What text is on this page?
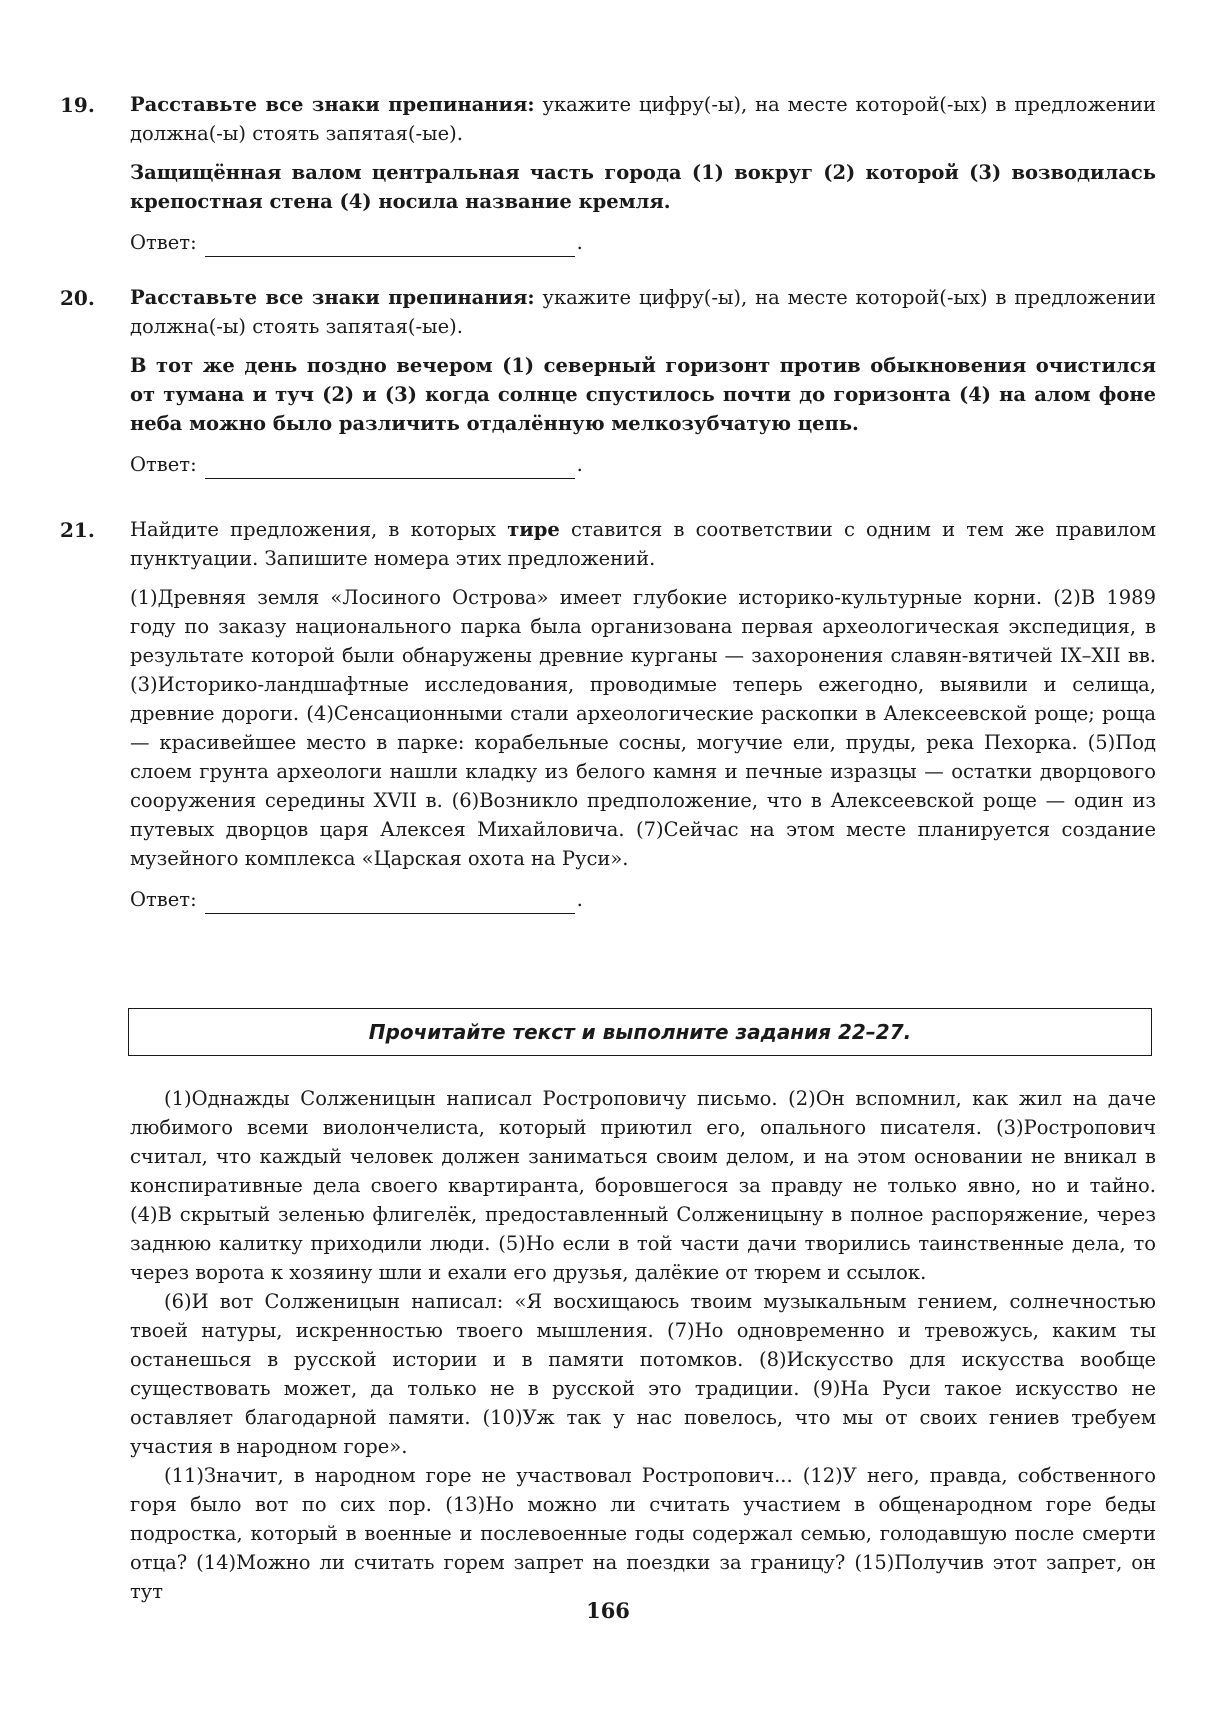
19. Расставьте все знаки препинания: укажите цифру(-ы), на месте которой(-ых) в предложении должна(-ы) стоять запятая(-ые).

Защищённая валом центральная часть города (1) вокруг (2) которой (3) возводилась крепостная стена (4) носила название кремля.

Ответ:	.
20. Расставьте все знаки препинания: укажите цифру(-ы), на месте которой(-ых) в предложении должна(-ы) стоять запятая(-ые).

В тот же день поздно вечером (1) северный горизонт против обыкновения очистился от тумана и туч (2) и (3) когда солнце спустилось почти до горизонта (4) на алом фоне неба можно было различить отдалённую мелкозубчатую цепь.

Ответ:	.
21. Найдите предложения, в которых тире ставится в соответствии с одним и тем же правилом пунктуации. Запишите номера этих предложений.

(1)Древняя земля «Лосиного Острова» имеет глубокие историко-культурные корни. (2)В 1989 году по заказу национального парка была организована первая археологическая экспедиция, в результате которой были обнаружены древние курганы — захоронения славян-вятичей IX–XII вв. (3)Историко-ландшафтные исследования, проводимые теперь ежегодно, выявили и селища, древние дороги. (4)Сенсационными стали археологические раскопки в Алексеевской роще; роща — красивейшее место в парке: корабельные сосны, могучие ели, пруды, река Пехорка. (5)Под слоем грунта археологи нашли кладку из белого камня и печные изразцы — остатки дворцового сооружения середины XVII в. (6)Возникло предположение, что в Алексеевской роще — один из путевых дворцов царя Алексея Михайловича. (7)Сейчас на этом месте планируется создание музейного комплекса «Царская охота на Руси».

Ответ:	.
Прочитайте текст и выполните задания 22–27.

(1)Однажды Солженицын написал Ростроповичу письмо. (2)Он вспомнил, как жил на даче любимого всеми виолончелиста, который приютил его, опального писателя. (3)Ростропович считал, что каждый человек должен заниматься своим делом, и на этом основании не вникал в конспиративные дела своего квартиранта, боровшегося за правду не только явно, но и тайно. (4)В скрытый зеленью флигелёк, предоставленный Солженицыну в полное распоряжение, через заднюю калитку приходили люди. (5)Но если в той части дачи творились таинственные дела, то через ворота к хозяину шли и ехали его друзья, далёкие от тюрем и ссылок.

(6)И вот Солженицын написал: «Я восхищаюсь твоим музыкальным гением, солнечностью твоей натуры, искренностью твоего мышления. (7)Но одновременно и тревожусь, каким ты останешься в русской истории и в памяти потомков. (8)Искусство для искусства вообще существовать может, да только не в русской это традиции. (9)На Руси такое искусство не оставляет благодарной памяти. (10)Уж так у нас повелось, что мы от своих гениев требуем участия в народном горе».

(11)Значит, в народном горе не участвовал Ростропович... (12)У него, правда, собственного горя было вот по сих пор. (13)Но можно ли считать участием в общенародном горе беды подростка, который в военные и послевоенные годы содержал семью, голодавшую после смерти отца? (14)Можно ли считать горем запрет на поездки за границу? (15)Получив этот запрет, он тут

166
